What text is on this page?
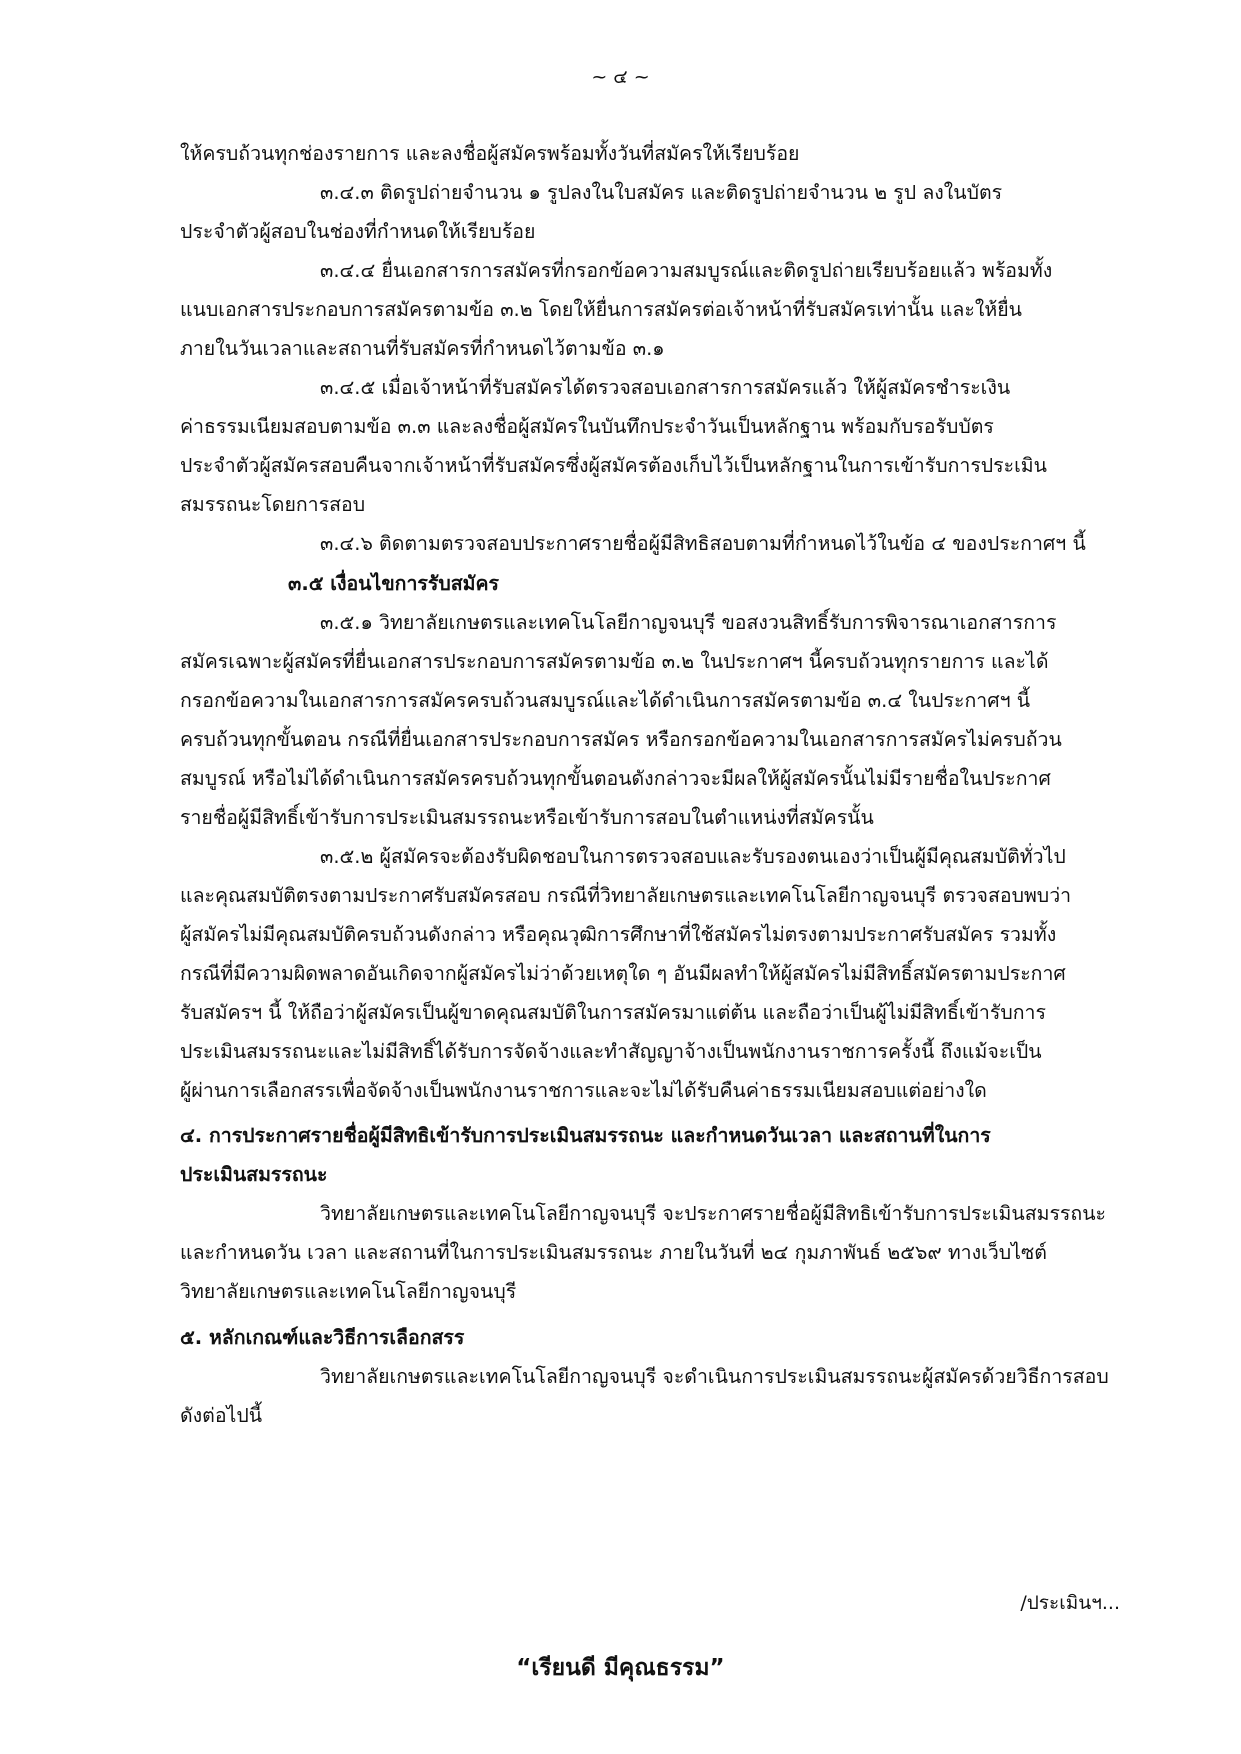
~ ๔ ~
ให้ครบถ้วนทุกช่องรายการ และลงชื่อผู้สมัครพร้อมทั้งวันที่สมัครให้เรียบร้อย
๓.๔.๓ ติดรูปถ่ายจำนวน ๑ รูปลงในใบสมัคร และติดรูปถ่ายจำนวน ๒ รูป ลงในบัตร
ประจำตัวผู้สอบในช่องที่กำหนดให้เรียบร้อย
๓.๔.๔ ยื่นเอกสารการสมัครที่กรอกข้อความสมบูรณ์และติดรูปถ่ายเรียบร้อยแล้ว พร้อมทั้ง
แนบเอกสารประกอบการสมัครตามข้อ ๓.๒ โดยให้ยื่นการสมัครต่อเจ้าหน้าที่รับสมัครเท่านั้น และให้ยื่น
ภายในวันเวลาและสถานที่รับสมัครที่กำหนดไว้ตามข้อ ๓.๑
๓.๔.๕ เมื่อเจ้าหน้าที่รับสมัครได้ตรวจสอบเอกสารการสมัครแล้ว ให้ผู้สมัครชำระเงิน
ค่าธรรมเนียมสอบตามข้อ ๓.๓ และลงชื่อผู้สมัครในบันทึกประจำวันเป็นหลักฐาน พร้อมกับรอรับบัตร
ประจำตัวผู้สมัครสอบคืนจากเจ้าหน้าที่รับสมัครซึ่งผู้สมัครต้องเก็บไว้เป็นหลักฐานในการเข้ารับการประเมิน
สมรรถนะโดยการสอบ
๓.๔.๖ ติดตามตรวจสอบประกาศรายชื่อผู้มีสิทธิสอบตามที่กำหนดไว้ในข้อ ๔ ของประกาศฯ นี้
๓.๕ เงื่อนไขการรับสมัคร
๓.๕.๑ วิทยาลัยเกษตรและเทคโนโลยีกาญจนบุรี ขอสงวนสิทธิ์รับการพิจารณาเอกสารการ
สมัครเฉพาะผู้สมัครที่ยื่นเอกสารประกอบการสมัครตามข้อ ๓.๒ ในประกาศฯ นี้ครบถ้วนทุกรายการ และได้
กรอกข้อความในเอกสารการสมัครครบถ้วนสมบูรณ์และได้ดำเนินการสมัครตามข้อ ๓.๔ ในประกาศฯ นี้
ครบถ้วนทุกขั้นตอน กรณีที่ยื่นเอกสารประกอบการสมัคร หรือกรอกข้อความในเอกสารการสมัครไม่ครบถ้วน
สมบูรณ์ หรือไม่ได้ดำเนินการสมัครครบถ้วนทุกขั้นตอนดังกล่าวจะมีผลให้ผู้สมัครนั้นไม่มีรายชื่อในประกาศ
รายชื่อผู้มีสิทธิ์เข้ารับการประเมินสมรรถนะหรือเข้ารับการสอบในตำแหน่งที่สมัครนั้น
๓.๕.๒ ผู้สมัครจะต้องรับผิดชอบในการตรวจสอบและรับรองตนเองว่าเป็นผู้มีคุณสมบัติทั่วไป
และคุณสมบัติตรงตามประกาศรับสมัครสอบ กรณีที่วิทยาลัยเกษตรและเทคโนโลยีกาญจนบุรี ตรวจสอบพบว่า
ผู้สมัครไม่มีคุณสมบัติครบถ้วนดังกล่าว หรือคุณวุฒิการศึกษาที่ใช้สมัครไม่ตรงตามประกาศรับสมัคร รวมทั้ง
กรณีที่มีความผิดพลาดอันเกิดจากผู้สมัครไม่ว่าด้วยเหตุใด ๆ อันมีผลทำให้ผู้สมัครไม่มีสิทธิ์สมัครตามประกาศ
รับสมัครฯ นี้ ให้ถือว่าผู้สมัครเป็นผู้ขาดคุณสมบัติในการสมัครมาแต่ต้น และถือว่าเป็นผู้ไม่มีสิทธิ์เข้ารับการ
ประเมินสมรรถนะและไม่มีสิทธิ์ได้รับการจัดจ้างและทำสัญญาจ้างเป็นพนักงานราชการครั้งนี้ ถึงแม้จะเป็น
ผู้ผ่านการเลือกสรรเพื่อจัดจ้างเป็นพนักงานราชการและจะไม่ได้รับคืนค่าธรรมเนียมสอบแต่อย่างใด
๔. การประกาศรายชื่อผู้มีสิทธิเข้ารับการประเมินสมรรถนะ และกำหนดวันเวลา และสถานที่ในการ
ประเมินสมรรถนะ
วิทยาลัยเกษตรและเทคโนโลยีกาญจนบุรี จะประกาศรายชื่อผู้มีสิทธิเข้ารับการประเมินสมรรถนะ
และกำหนดวัน เวลา และสถานที่ในการประเมินสมรรถนะ ภายในวันที่ ๒๔ กุมภาพันธ์ ๒๕๖๙ ทางเว็บไซต์
วิทยาลัยเกษตรและเทคโนโลยีกาญจนบุรี
๕. หลักเกณฑ์และวิธีการเลือกสรร
วิทยาลัยเกษตรและเทคโนโลยีกาญจนบุรี จะดำเนินการประเมินสมรรถนะผู้สมัครด้วยวิธีการสอบ
ดังต่อไปนี้
/ประเมินฯ...
“เรียนดี มีคุณธรรม”
